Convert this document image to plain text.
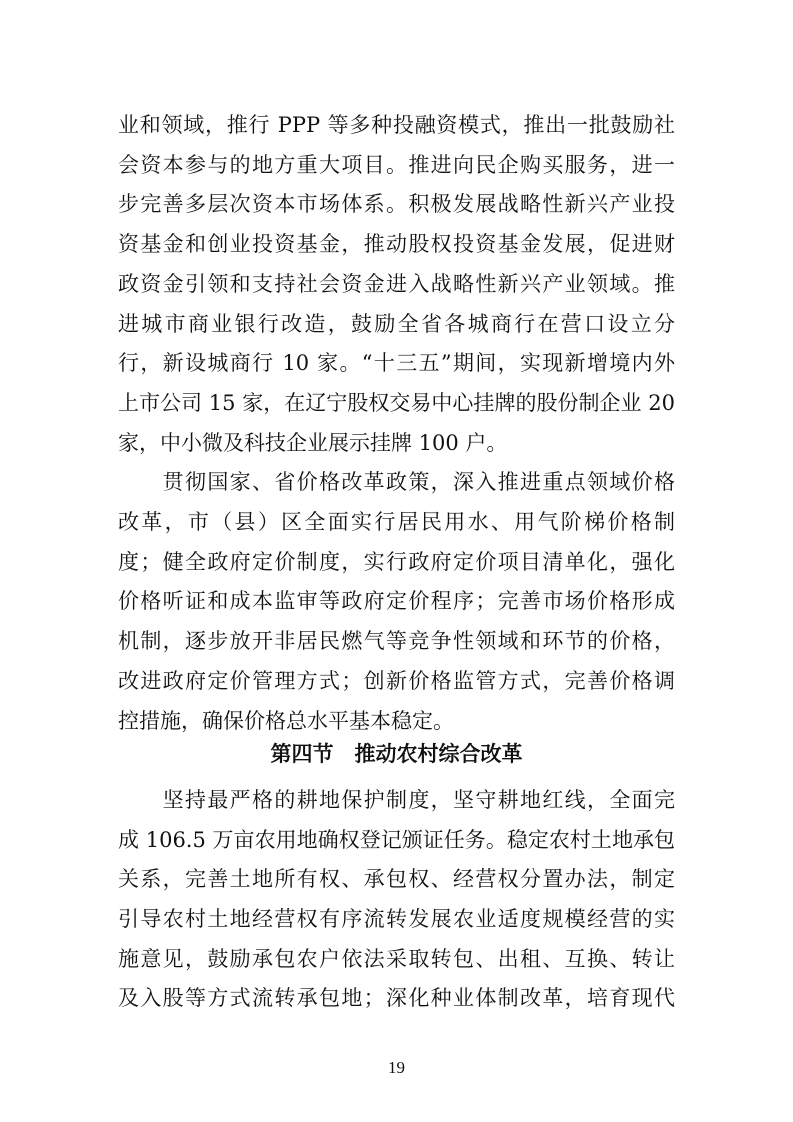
业和领域，推行 PPP 等多种投融资模式，推出一批鼓励社
会资本参与的地方重大项目。推进向民企购买服务，进一
步完善多层次资本市场体系。积极发展战略性新兴产业投
资基金和创业投资基金，推动股权投资基金发展，促进财
政资金引领和支持社会资金进入战略性新兴产业领域。推
进城市商业银行改造，鼓励全省各城商行在营口设立分
行，新设城商行 10 家。“十三五”期间，实现新增境内外
上市公司 15 家，在辽宁股权交易中心挂牌的股份制企业 20
家，中小微及科技企业展示挂牌 100 户。
　　贯彻国家、省价格改革政策，深入推进重点领域价格
改革，市（县）区全面实行居民用水、用气阶梯价格制
度；健全政府定价制度，实行政府定价项目清单化，强化
价格听证和成本监审等政府定价程序；完善市场价格形成
机制，逐步放开非居民燃气等竞争性领域和环节的价格，
改进政府定价管理方式；创新价格监管方式，完善价格调
控措施，确保价格总水平基本稳定。
　　坚持最严格的耕地保护制度，坚守耕地红线，全面完
成 106.5 万亩农用地确权登记颁证任务。稳定农村土地承包
关系，完善土地所有权、承包权、经营权分置办法，制定
引导农村土地经营权有序流转发展农业适度规模经营的实
施意见，鼓励承包农户依法采取转包、出租、互换、转让
及入股等方式流转承包地；深化种业体制改革，培育现代
第四节　推动农村综合改革
19
